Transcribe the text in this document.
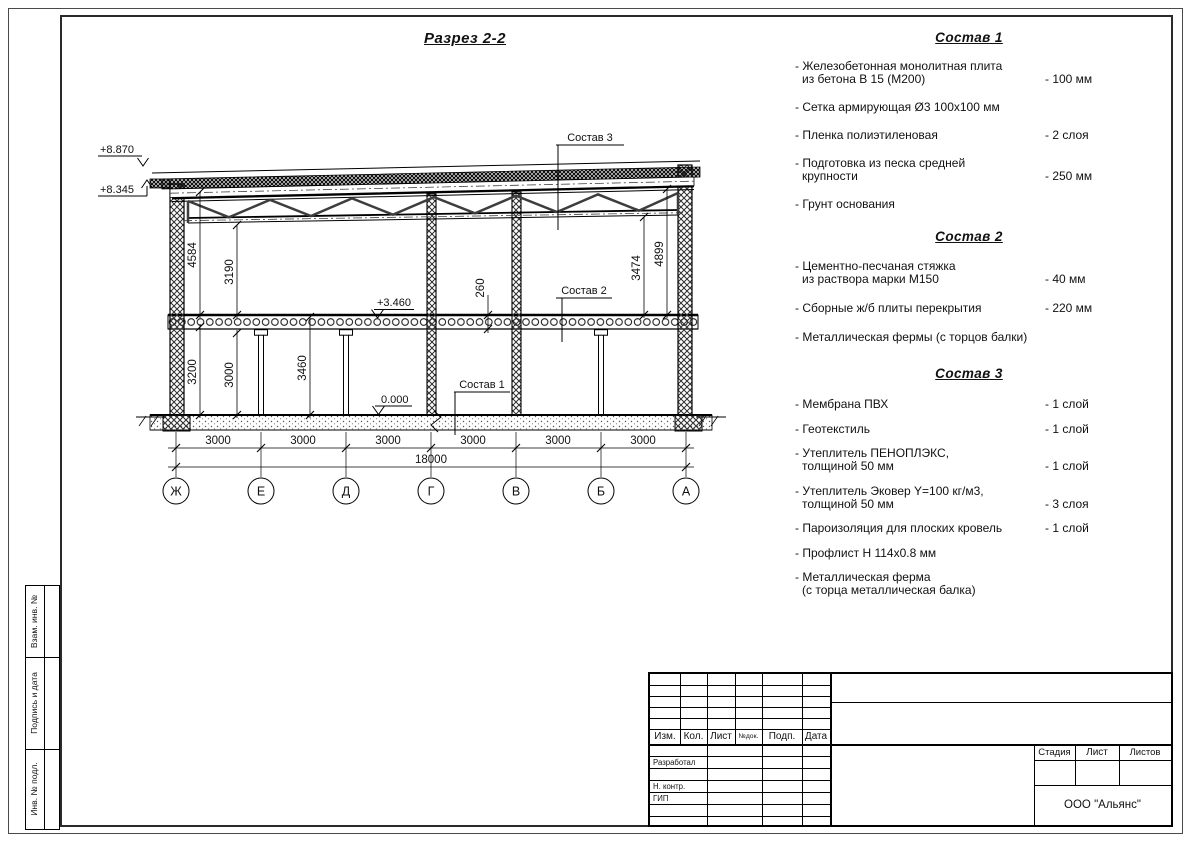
Состав 3
Состав 2
Состав 1
+3.460
0.000
+8.870
+8.345
4584
3190	3474
4899
260
3200 3000	3460
3000	3000	3000	3000	3000	3000
18000
Ж	Е	Д	Г	В	Б	А
Разрез 2-2	Состав 1
- Железобетонная монолитная плита
из бетона В 15 (М200)	- 100 мм
- Сетка армирующая Ø3 100х100 мм
- Пленка полиэтиленовая	- 2 слоя
- Подготовка из песка средней
крупности	- 250 мм
- Грунт основания
Состав 2
- Цементно-песчаная стяжка
из раствора марки М150	- 40 мм
- Сборные ж/б плиты перекрытия	- 220 мм
- Металлическая фермы (с торцов балки)
Состав 3
- Мембрана ПВХ	- 1 слой
- Геотекстиль	- 1 слой
- Утеплитель ПЕНОПЛЭКС,
толщиной 50 мм	- 1 слой
- Утеплитель Эковер Y=100 кг/м3,
толщиной 50 мм	- 3 слоя
- Пароизоляция для плоских кровель	- 1 слой
- Профлист Н 114х0.8 мм
- Металлическая ферма
(с торца металлическая балка)
Изм. Кол. Лист №док.	Подп. Дата
Разработал
Н. контр.
ГИП
Стадия	Лист	Листов
ООО "Альянс"
Взам. инв. №
Подпись и дата
Инв. № подл.
